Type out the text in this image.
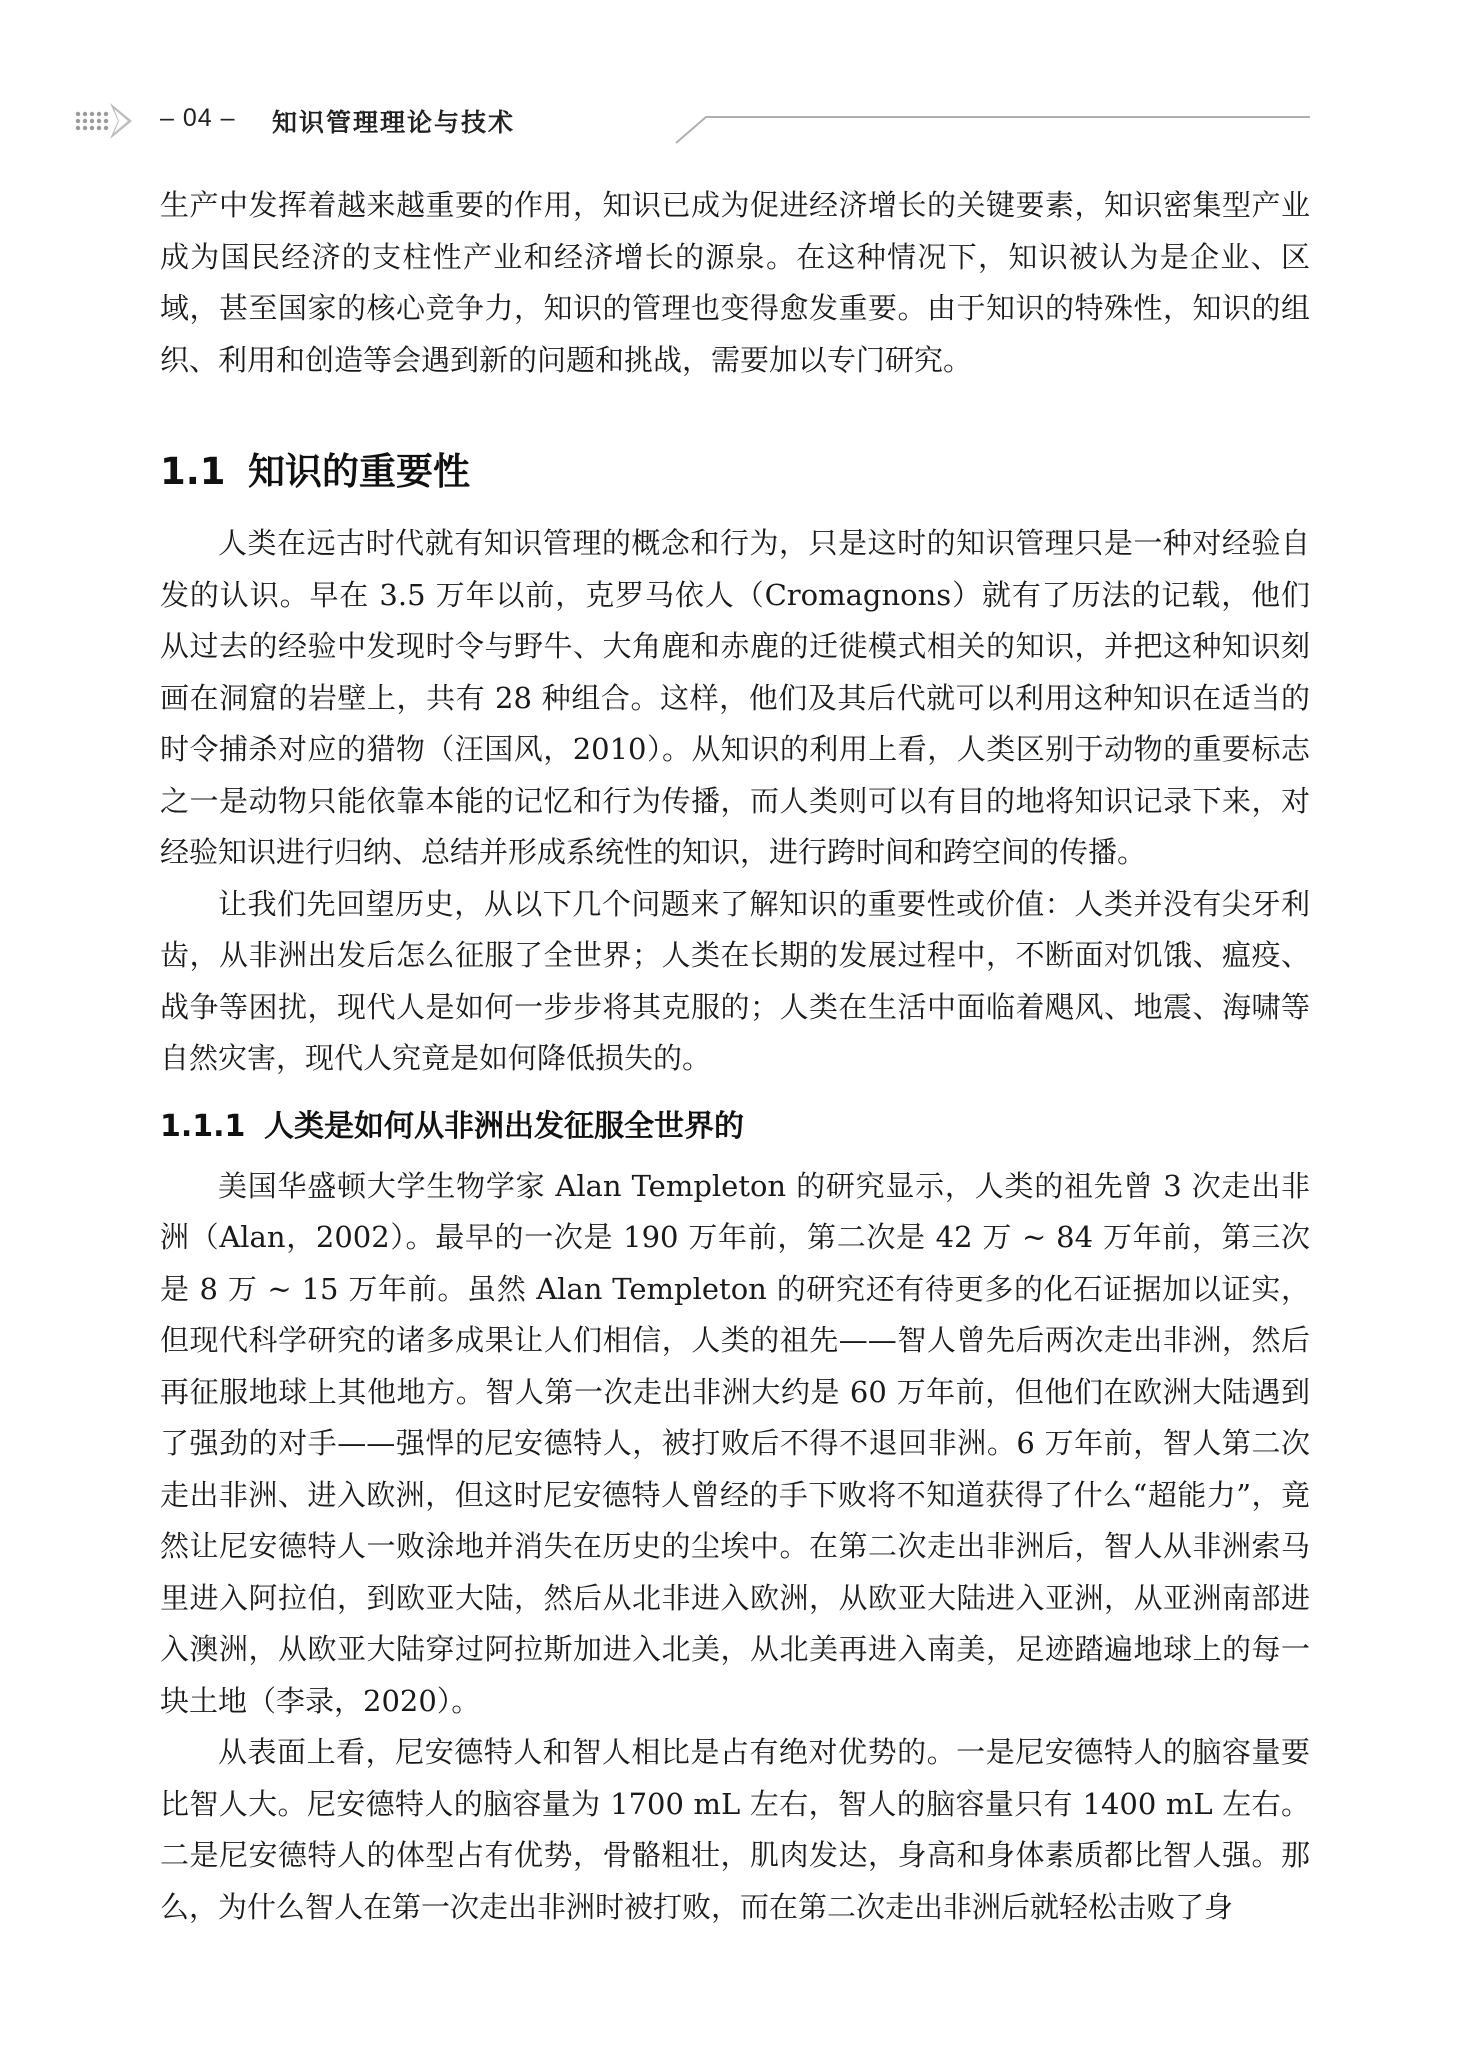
– 04 – 知识管理理论与技术

生产中发挥着越来越重要的作用，知识已成为促进经济增长的关键要素，知识密集型产业成为国民经济的支柱性产业和经济增长的源泉。在这种情况下，知识被认为是企业、区域，甚至国家的核心竞争力，知识的管理也变得愈发重要。由于知识的特殊性，知识的组织、利用和创造等会遇到新的问题和挑战，需要加以专门研究。

1.1 知识的重要性

人类在远古时代就有知识管理的概念和行为，只是这时的知识管理只是一种对经验自发的认识。早在 3.5 万年以前，克罗马依人（Cromagnons）就有了历法的记载，他们从过去的经验中发现时令与野牛、大角鹿和赤鹿的迁徙模式相关的知识，并把这种知识刻画在洞窟的岩壁上，共有 28 种组合。这样，他们及其后代就可以利用这种知识在适当的时令捕杀对应的猎物（汪国风，2010）。从知识的利用上看，人类区别于动物的重要标志之一是动物只能依靠本能的记忆和行为传播，而人类则可以有目的地将知识记录下来，对经验知识进行归纳、总结并形成系统性的知识，进行跨时间和跨空间的传播。

让我们先回望历史，从以下几个问题来了解知识的重要性或价值：人类并没有尖牙利齿，从非洲出发后怎么征服了全世界；人类在长期的发展过程中，不断面对饥饿、瘟疫、战争等困扰，现代人是如何一步步将其克服的；人类在生活中面临着飓风、地震、海啸等自然灾害，现代人究竟是如何降低损失的。

1.1.1 人类是如何从非洲出发征服全世界的

美国华盛顿大学生物学家 Alan Templeton 的研究显示，人类的祖先曾 3 次走出非洲（Alan，2002）。最早的一次是 190 万年前，第二次是 42 万 ~ 84 万年前，第三次是 8 万 ~ 15 万年前。虽然 Alan Templeton 的研究还有待更多的化石证据加以证实，但现代科学研究的诸多成果让人们相信，人类的祖先——智人曾先后两次走出非洲，然后再征服地球上其他地方。智人第一次走出非洲大约是 60 万年前，但他们在欧洲大陆遇到了强劲的对手——强悍的尼安德特人，被打败后不得不退回非洲。6 万年前，智人第二次走出非洲、进入欧洲，但这时尼安德特人曾经的手下败将不知道获得了什么“超能力”，竟然让尼安德特人一败涂地并消失在历史的尘埃中。在第二次走出非洲后，智人从非洲索马里进入阿拉伯，到欧亚大陆，然后从北非进入欧洲，从欧亚大陆进入亚洲，从亚洲南部进入澳洲，从欧亚大陆穿过阿拉斯加进入北美，从北美再进入南美，足迹踏遍地球上的每一块土地（李录，2020）。

从表面上看，尼安德特人和智人相比是占有绝对优势的。一是尼安德特人的脑容量要比智人大。尼安德特人的脑容量为 1700 mL 左右，智人的脑容量只有 1400 mL 左右。二是尼安德特人的体型占有优势，骨骼粗壮，肌肉发达，身高和身体素质都比智人强。那么，为什么智人在第一次走出非洲时被打败，而在第二次走出非洲后就轻松击败了身
